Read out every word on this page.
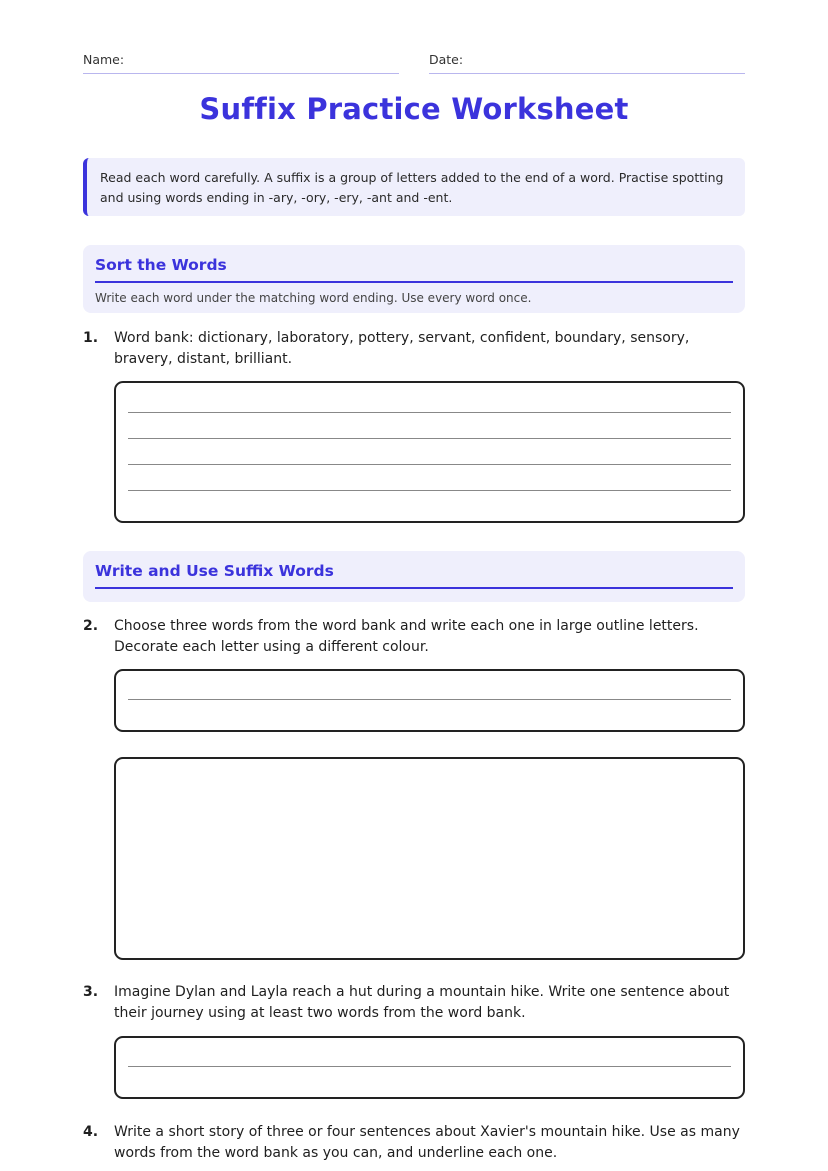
Name:	Date:
Suffix Practice Worksheet
Read each word carefully. A suffix is a group of letters added to the end of a word. Practise spotting and using words ending in -ary, -ory, -ery, -ant and -ent.
Sort the Words
Write each word under the matching word ending. Use every word once.
1. Word bank: dictionary, laboratory, pottery, servant, confident, boundary, sensory, bravery, distant, brilliant.
Write and Use Suffix Words
2. Choose three words from the word bank and write each one in large outline letters. Decorate each letter using a different colour.
3. Imagine Dylan and Layla reach a hut during a mountain hike. Write one sentence about their journey using at least two words from the word bank.
4. Write a short story of three or four sentences about Xavier's mountain hike. Use as many words from the word bank as you can, and underline each one.
